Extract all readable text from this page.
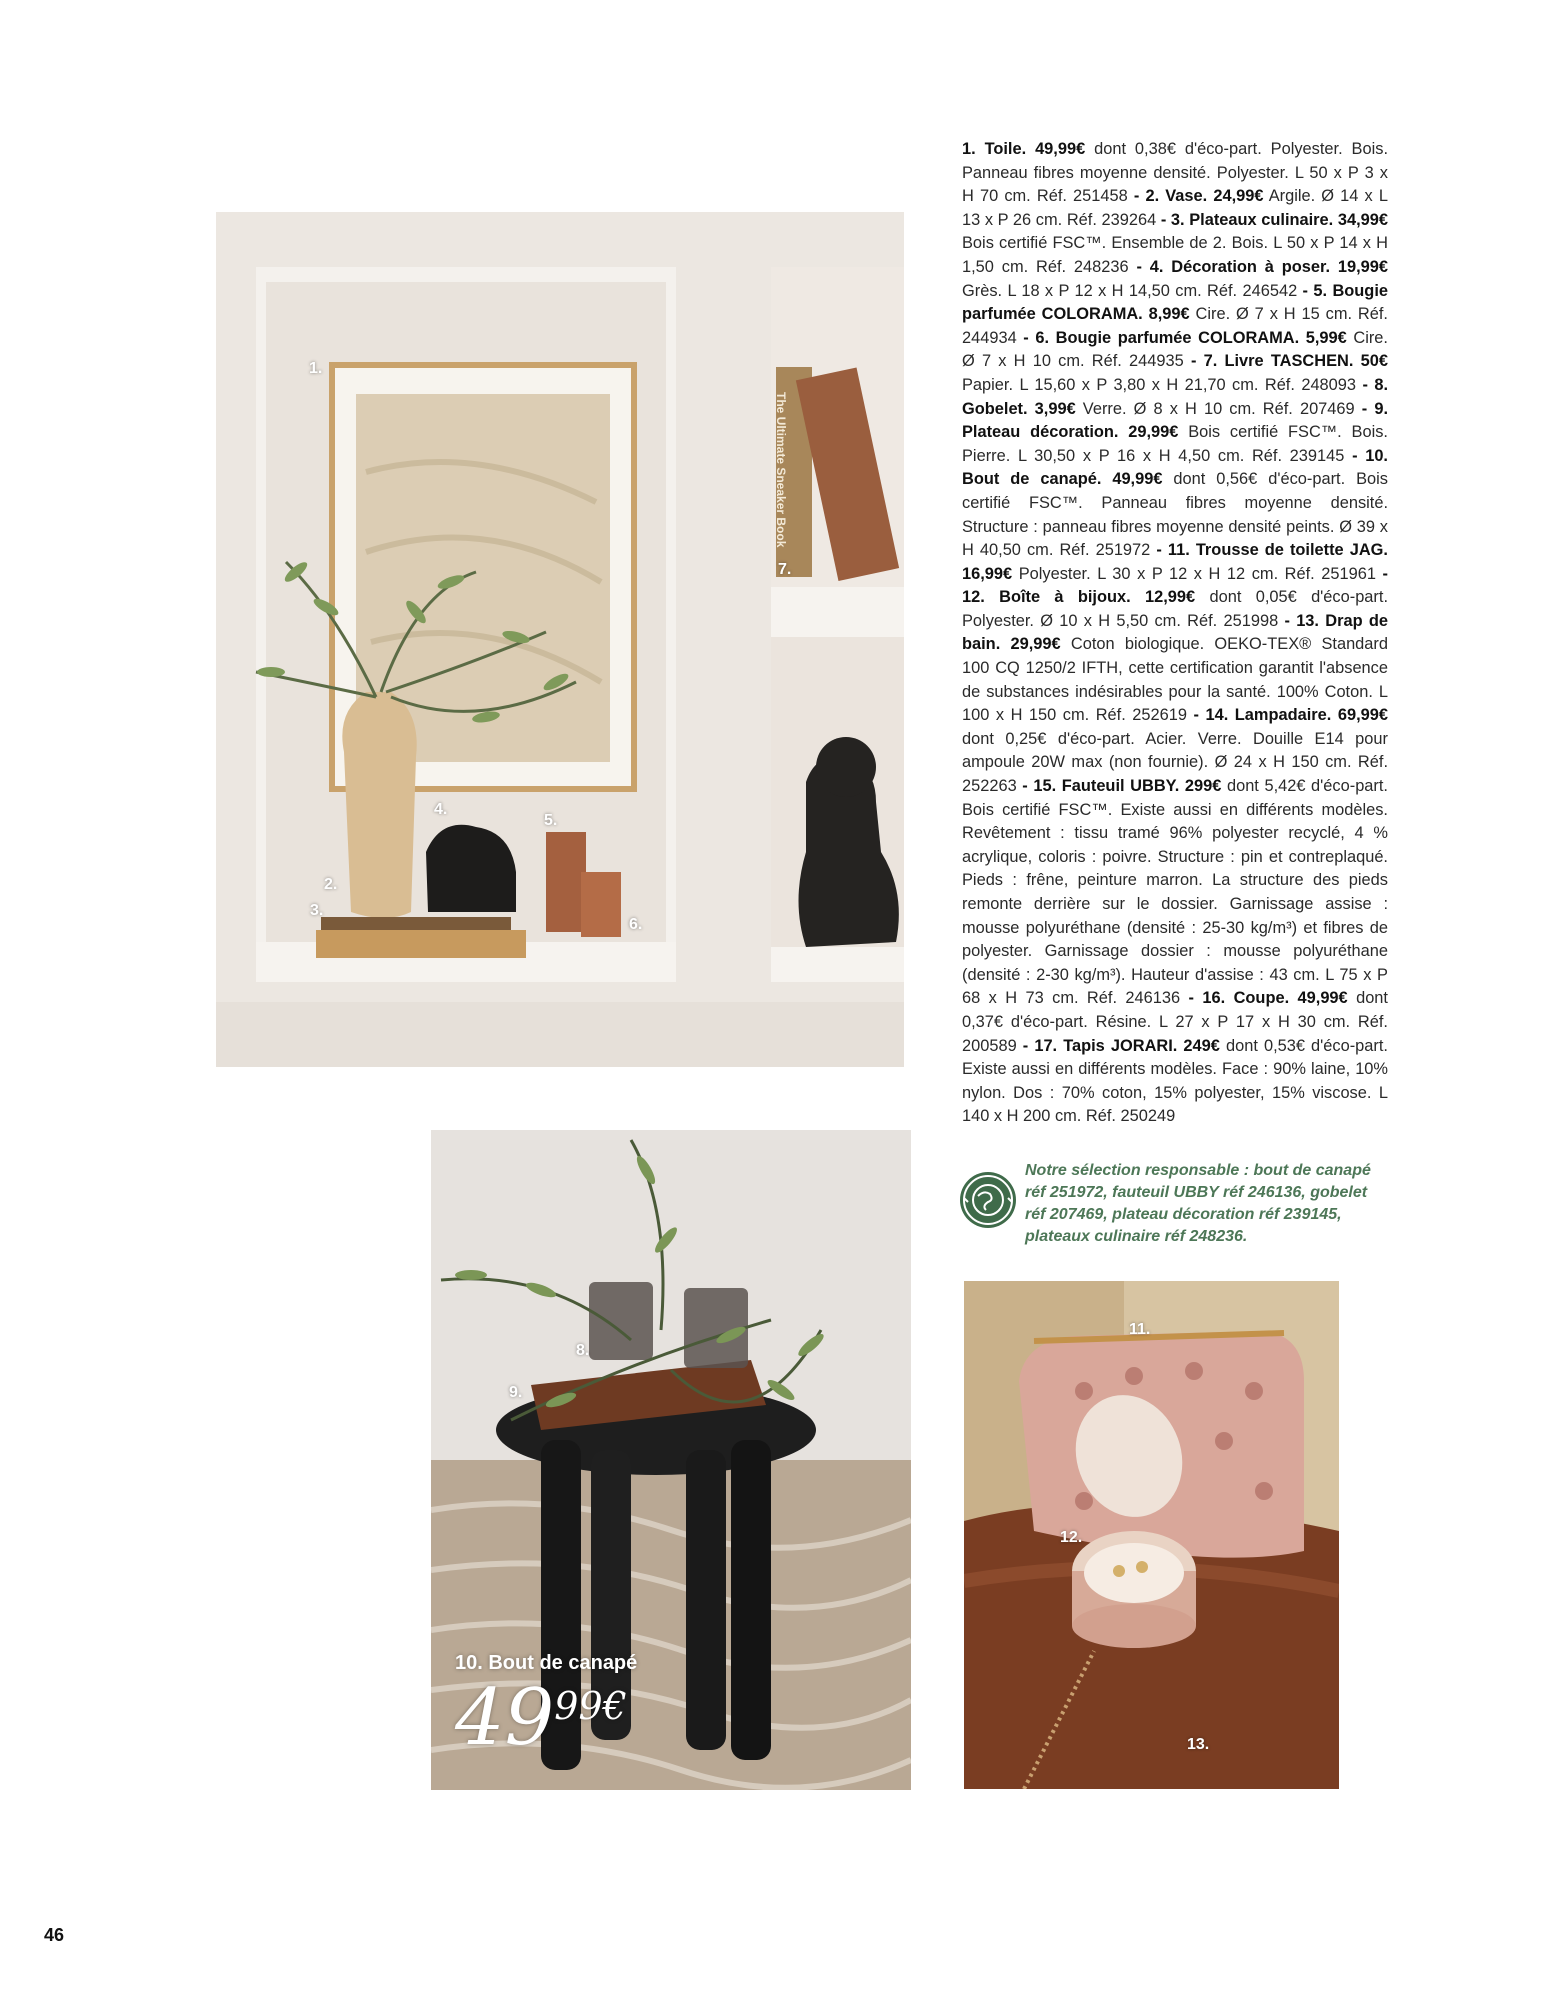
1.
2.
3.
4.
5.
6.
7.
The Ultimate Sneaker Book
1. Toile. 49,99€ dont 0,38€ d'éco-part. Polyester. Bois. Panneau fibres moyenne densité. Polyester. L 50 x P 3 x H 70 cm. Réf. 251458 - 2. Vase. 24,99€ Argile. Ø 14 x L 13 x P 26 cm. Réf. 239264 - 3. Plateaux culinaire. 34,99€ Bois certifié FSC™. Ensemble de 2. Bois. L 50 x P 14 x H 1,50 cm. Réf. 248236 - 4. Décoration à poser. 19,99€ Grès. L 18 x P 12 x H 14,50 cm. Réf. 246542 - 5. Bougie parfumée COLORAMA. 8,99€ Cire. Ø 7 x H 15 cm. Réf. 244934 - 6. Bougie parfumée COLORAMA. 5,99€ Cire. Ø 7 x H 10 cm. Réf. 244935 - 7. Livre TASCHEN. 50€ Papier. L 15,60 x P 3,80 x H 21,70 cm. Réf. 248093 - 8. Gobelet. 3,99€ Verre. Ø 8 x H 10 cm. Réf. 207469 - 9. Plateau décoration. 29,99€ Bois certifié FSC™. Bois. Pierre. L 30,50 x P 16 x H 4,50 cm. Réf. 239145 - 10. Bout de canapé. 49,99€ dont 0,56€ d'éco-part. Bois certifié FSC™. Panneau fibres moyenne densité. Structure : panneau fibres moyenne densité peints. Ø 39 x H 40,50 cm. Réf. 251972 - 11. Trousse de toilette JAG. 16,99€ Polyester. L 30 x P 12 x H 12 cm. Réf. 251961 - 12. Boîte à bijoux. 12,99€ dont 0,05€ d'éco-part. Polyester. Ø 10 x H 5,50 cm. Réf. 251998 - 13. Drap de bain. 29,99€ Coton biologique. OEKO-TEX® Standard 100 CQ 1250/2 IFTH, cette certification garantit l'absence de substances indésirables pour la santé. 100% Coton. L 100 x H 150 cm. Réf. 252619 - 14. Lampadaire. 69,99€ dont 0,25€ d'éco-part. Acier. Verre. Douille E14 pour ampoule 20W max (non fournie). Ø 24 x H 150 cm. Réf. 252263 - 15. Fauteuil UBBY. 299€ dont 5,42€ d'éco-part. Bois certifié FSC™. Existe aussi en différents modèles. Revêtement : tissu tramé 96% polyester recyclé, 4 % acrylique, coloris : poivre. Structure : pin et contreplaqué. Pieds : frêne, peinture marron. La structure des pieds remonte derrière sur le dossier. Garnissage assise : mousse polyuréthane (densité : 25-30 kg/m³) et fibres de polyester. Garnissage dossier : mousse polyuréthane (densité : 2-30 kg/m³). Hauteur d'assise : 43 cm. L 75 x P 68 x H 73 cm. Réf. 246136 - 16. Coupe. 49,99€ dont 0,37€ d'éco-part. Résine. L 27 x P 17 x H 30 cm. Réf. 200589 - 17. Tapis JORARI. 249€ dont 0,53€ d'éco-part. Existe aussi en différents modèles. Face : 90% laine, 10% nylon. Dos : 70% coton, 15% polyester, 15% viscose. L 140 x H 200 cm. Réf. 250249
Notre sélection responsable : bout de canapé réf 251972, fauteuil UBBY réf 246136, gobelet réf 207469, plateau décoration réf 239145, plateaux culinaire réf 248236.
8.
9.
10. Bout de canapé
4999€
11.
12.
13.
46
